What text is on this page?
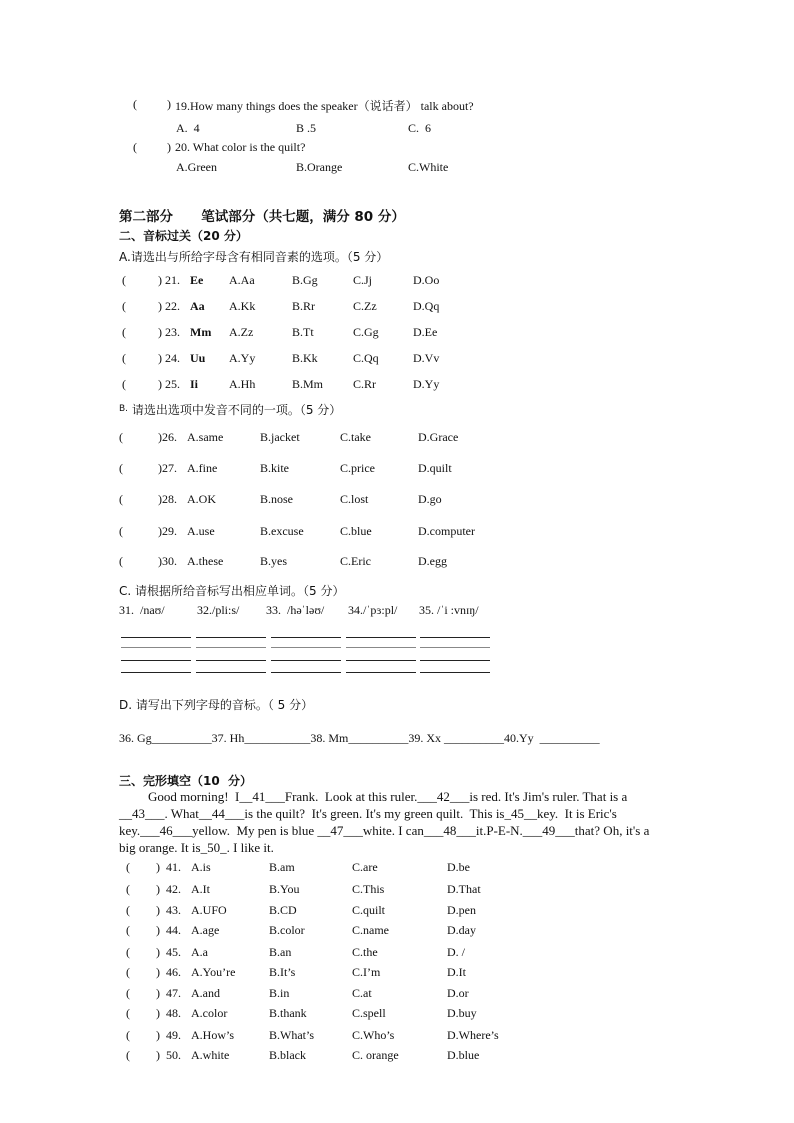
(          ) 19.How many things does the speaker（说话者） talk about?
A.  4	B .5	C.  6
(          ) 20. What color is the quilt?
A.Green	B.Orange	C.White
第二部分      笔试部分（共七题，满分 80 分）
二、音标过关（20 分）
A.请选出与所给字母含有相同音素的选项。（5 分）
(	) 21. Ee A.Aa	B.Gg	C.Jj	D.Oo
(	) 22. Aa A.Kk	B.Rr	C.Zz	D.Qq
(	) 23. Mm A.Zz	B.Tt	C.Gg	D.Ee
(	) 24. Uu A.Yy	B.Kk	C.Qq	D.Vv
(	) 25. Ii	A.Hh	B.Mm C.Rr	D.Yy
B. 请选出选项中发音不同的一项。（5 分）
(	)26. A.same	B.jacket	C.take	D.Grace
(	)27. A.fine	B.kite	C.price	D.quilt
(	)28. A.OK	B.nose	C.lost	D.go
(	)29. A.use	B.excuse	C.blue	D.computer
(	)30. A.these	B.yes	C.Eric	D.egg
C. 请根据所给音标写出相应单词。（5 分）
31.  /naʊ/	32./pli:s/ 33.  /həˈləʊ/ 34./ˈpɜ:pl/ 35. /ˈi :vnɪŋ/
D. 请写出下列字母的音标。（ 5 分）
36. Gg__________37. Hh___________38. Mm__________39. Xx __________40.Yy  __________
三、完形填空（10  分）
Good morning!  I__41___Frank.  Look at this ruler.___42___is red. It's Jim's ruler. That is a
__43___. What__44___is the quilt?  It's green. It's my green quilt.  This is_45__key.  It is Eric's
key.___46___yellow.  My pen is blue __47___white. I can___48___it.P-E-N.___49___that? Oh, it's a
big orange. It is_50_. I like it.
( )  41. A.is	B.am	C.are	D.be
( )  42. A.It	B.You	C.This	D.That
( )  43. A.UFO	B.CD	C.quilt	D.pen
( )  44. A.age	B.color	C.name	D.day
( )  45. A.a	B.an	C.the	D. /
( )  46. A.You’re	B.It’s	C.I’m	D.It
( )  47. A.and	B.in	C.at	D.or
( )  48. A.color	B.thank	C.spell	D.buy
( )  49. A.How’s	B.What’s	C.Who’s	D.Where’s
( )  50. A.white	B.black	C. orange	D.blue
